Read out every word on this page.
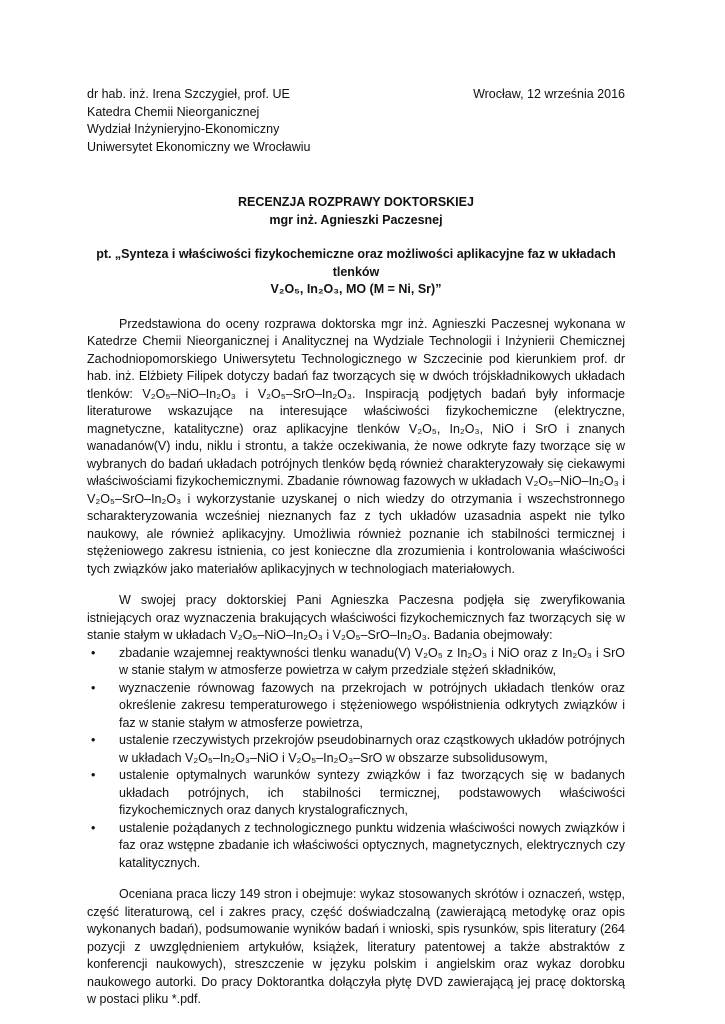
dr hab. inż. Irena Szczygieł, prof. UE
Katedra Chemii Nieorganicznej
Wydział Inżynieryjno-Ekonomiczny
Uniwersytet Ekonomiczny we Wrocławiu
Wrocław, 12 września 2016
RECENZJA ROZPRAWY DOKTORSKIEJ
mgr inż. Agnieszki Paczesnej
pt. „Synteza i właściwości fizykochemiczne oraz możliwości aplikacyjne faz w układach tlenków
V₂O₅, In₂O₃, MO (M = Ni, Sr)”

Przedstawiona do oceny rozprawa doktorska mgr inż. Agnieszki Paczesnej wykonana w Katedrze Chemii Nieorganicznej i Analitycznej na Wydziale Technologii i Inżynierii Chemicznej Zachodniopomorskiego Uniwersytetu Technologicznego w Szczecinie pod kierunkiem prof. dr hab. inż. Elżbiety Filipek dotyczy badań faz tworzących się w dwóch trójskładnikowych układach tlenków: V₂O₅–NiO–In₂O₃ i V₂O₅–SrO–In₂O₃. Inspiracją podjętych badań były informacje literaturowe wskazujące na interesujące właściwości fizykochemiczne (elektryczne, magnetyczne, katalityczne) oraz aplikacyjne tlenków V₂O₅, In₂O₃, NiO i SrO i znanych wanadanów(V) indu, niklu i strontu, a także oczekiwania, że nowe odkryte fazy tworzące się w wybranych do badań układach potrójnych tlenków będą również charakteryzowały się ciekawymi właściwościami fizykochemicznymi. Zbadanie równowag fazowych w układach V₂O₅–NiO–In₂O₃ i V₂O₅–SrO–In₂O₃ i wykorzystanie uzyskanej o nich wiedzy do otrzymania i wszechstronnego scharakteryzowania wcześniej nieznanych faz z tych układów uzasadnia aspekt nie tylko naukowy, ale również aplikacyjny. Umożliwia również poznanie ich stabilności termicznej i stężeniowego zakresu istnienia, co jest konieczne dla zrozumienia i kontrolowania właściwości tych związków jako materiałów aplikacyjnych w technologiach materiałowych.

W swojej pracy doktorskiej Pani Agnieszka Paczesna podjęła się zweryfikowania istniejących oraz wyznaczenia brakujących właściwości fizykochemicznych faz tworzących się w stanie stałym w układach V₂O₅–NiO–In₂O₃ i V₂O₅–SrO–In₂O₃. Badania obejmowały:

• zbadanie wzajemnej reaktywności tlenku wanadu(V) V₂O₅ z In₂O₃ i NiO oraz z In₂O₃ i SrO w stanie stałym w atmosferze powietrza w całym przedziale stężeń składników,
• wyznaczenie równowag fazowych na przekrojach w potrójnych układach tlenków oraz określenie zakresu temperaturowego i stężeniowego współistnienia odkrytych związków i faz w stanie stałym w atmosferze powietrza,
• ustalenie rzeczywistych przekrojów pseudobinarnych oraz cząstkowych układów potrójnych w układach V₂O₅–In₂O₃–NiO i V₂O₅–In₂O₃–SrO w obszarze subsolidusowym,
• ustalenie optymalnych warunków syntezy związków i faz tworzących się w badanych układach potrójnych, ich stabilności termicznej, podstawowych właściwości fizykochemicznych oraz danych krystalograficznych,
• ustalenie pożądanych z technologicznego punktu widzenia właściwości nowych związków i faz oraz wstępne zbadanie ich właściwości optycznych, magnetycznych, elektrycznych czy katalitycznych.

Oceniana praca liczy 149 stron i obejmuje: wykaz stosowanych skrótów i oznaczeń, wstęp, część literaturową, cel i zakres pracy, część doświadczalną (zawierającą metodykę oraz opis wykonanych badań), podsumowanie wyników badań i wnioski, spis rysunków, spis literatury (264 pozycji z uwzględnieniem artykułów, książek, literatury patentowej a także abstraktów z konferencji naukowych), streszczenie w języku polskim i angielskim oraz wykaz dorobku naukowego autorki. Do pracy Doktorantka dołączyła płytę DVD zawierającą jej pracę doktorską w postaci pliku *.pdf.
